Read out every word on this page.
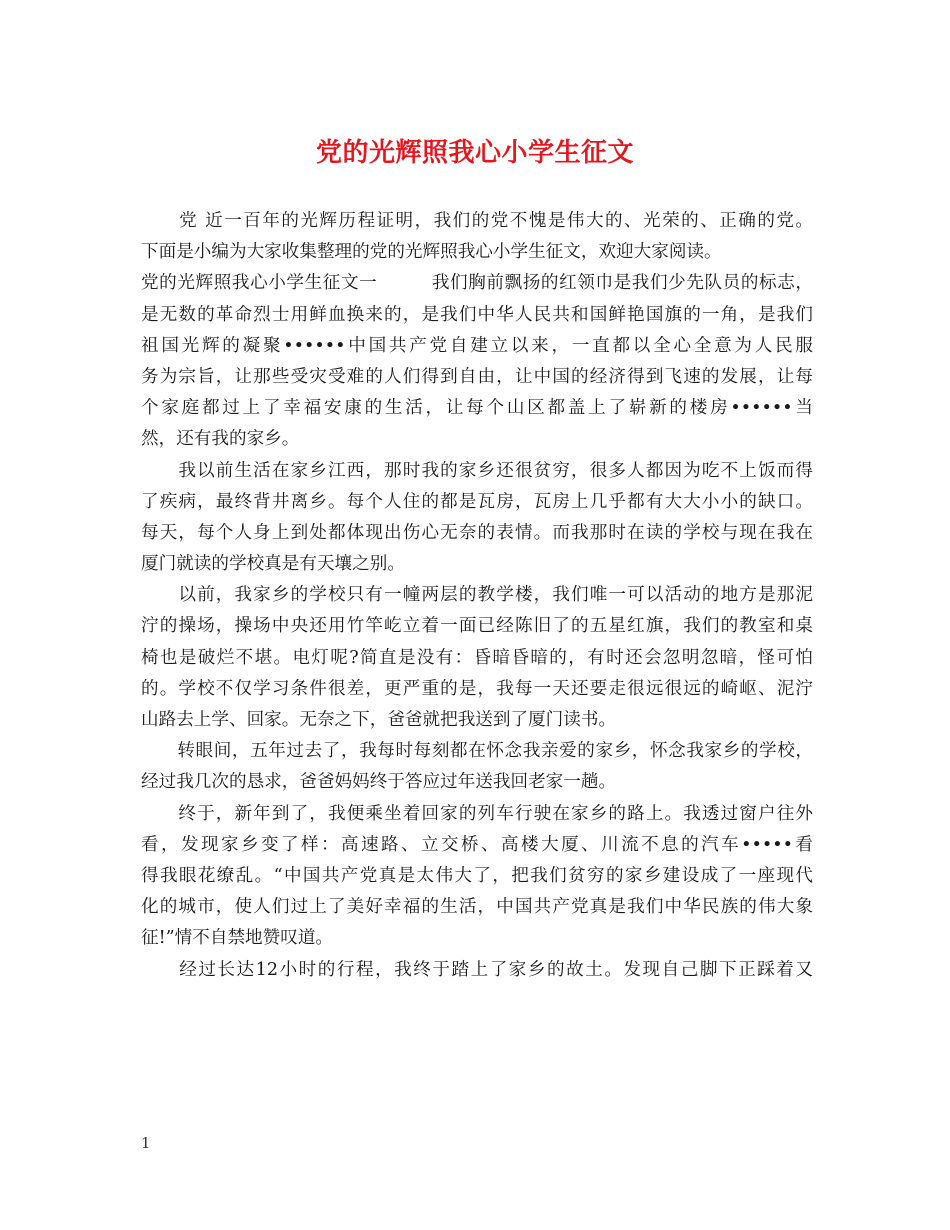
党的光辉照我心小学生征文
　　党 近一百年的光辉历程证明，我们的党不愧是伟大的、光荣的、正确的党。
下面是小编为大家收集整理的党的光辉照我心小学生征文，欢迎大家阅读。
党的光辉照我心小学生征文一　　　我们胸前飘扬的红领巾是我们少先队员的标志，
是无数的革命烈士用鲜血换来的，是我们中华人民共和国鲜艳国旗的一角，是我们
祖国光辉的凝聚••••••中国共产党自建立以来，一直都以全心全意为人民服
务为宗旨，让那些受灾受难的人们得到自由，让中国的经济得到飞速的发展，让每
个家庭都过上了幸福安康的生活，让每个山区都盖上了崭新的楼房••••••当
然，还有我的家乡。
　　我以前生活在家乡江西，那时我的家乡还很贫穷，很多人都因为吃不上饭而得
了疾病，最终背井离乡。每个人住的都是瓦房，瓦房上几乎都有大大小小的缺口。
每天，每个人身上到处都体现出伤心无奈的表情。而我那时在读的学校与现在我在
厦门就读的学校真是有天壤之别。
　　以前，我家乡的学校只有一幢两层的教学楼，我们唯一可以活动的地方是那泥
泞的操场，操场中央还用竹竿屹立着一面已经陈旧了的五星红旗，我们的教室和桌
椅也是破烂不堪。电灯呢?简直是没有：昏暗昏暗的，有时还会忽明忽暗，怪可怕
的。学校不仅学习条件很差，更严重的是，我每一天还要走很远很远的崎岖、泥泞
山路去上学、回家。无奈之下，爸爸就把我送到了厦门读书。
　　转眼间，五年过去了，我每时每刻都在怀念我亲爱的家乡，怀念我家乡的学校，
经过我几次的恳求，爸爸妈妈终于答应过年送我回老家一趟。
　　终于，新年到了，我便乘坐着回家的列车行驶在家乡的路上。我透过窗户往外
看，发现家乡变了样：高速路、立交桥、高楼大厦、川流不息的汽车•••••看
得我眼花缭乱。“中国共产党真是太伟大了，把我们贫穷的家乡建设成了一座现代
化的城市，使人们过上了美好幸福的生活，中国共产党真是我们中华民族的伟大象
征!”情不自禁地赞叹道。
　　经过长达12小时的行程，我终于踏上了家乡的故土。发现自己脚下正踩着又
1
